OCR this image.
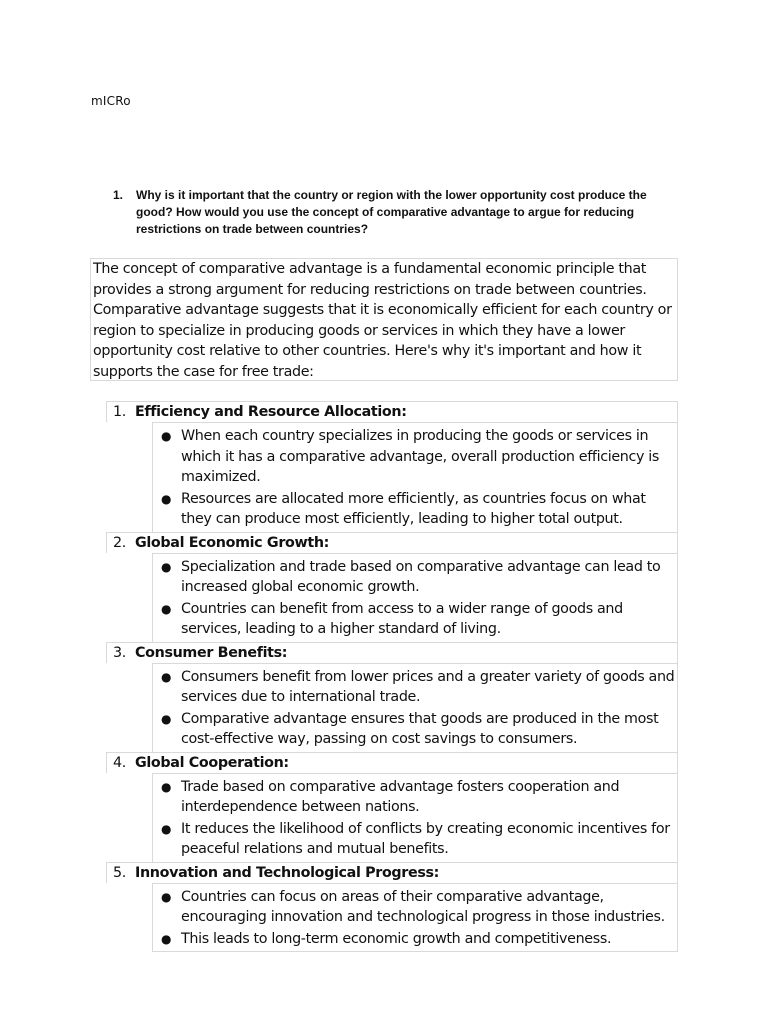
mICRo
1. Why is it important that the country or region with the lower opportunity cost produce the good? How would you use the concept of comparative advantage to argue for reducing restrictions on trade between countries?
The concept of comparative advantage is a fundamental economic principle that provides a strong argument for reducing restrictions on trade between countries. Comparative advantage suggests that it is economically efficient for each country or region to specialize in producing goods or services in which they have a lower opportunity cost relative to other countries. Here's why it's important and how it supports the case for free trade:
1. Efficiency and Resource Allocation:
● When each country specializes in producing the goods or services in which it has a comparative advantage, overall production efficiency is maximized.
● Resources are allocated more efficiently, as countries focus on what they can produce most efficiently, leading to higher total output.
2. Global Economic Growth:
● Specialization and trade based on comparative advantage can lead to increased global economic growth.
● Countries can benefit from access to a wider range of goods and services, leading to a higher standard of living.
3. Consumer Benefits:
● Consumers benefit from lower prices and a greater variety of goods and services due to international trade.
● Comparative advantage ensures that goods are produced in the most cost-effective way, passing on cost savings to consumers.
4. Global Cooperation:
● Trade based on comparative advantage fosters cooperation and interdependence between nations.
● It reduces the likelihood of conflicts by creating economic incentives for peaceful relations and mutual benefits.
5. Innovation and Technological Progress:
● Countries can focus on areas of their comparative advantage, encouraging innovation and technological progress in those industries.
● This leads to long-term economic growth and competitiveness.
